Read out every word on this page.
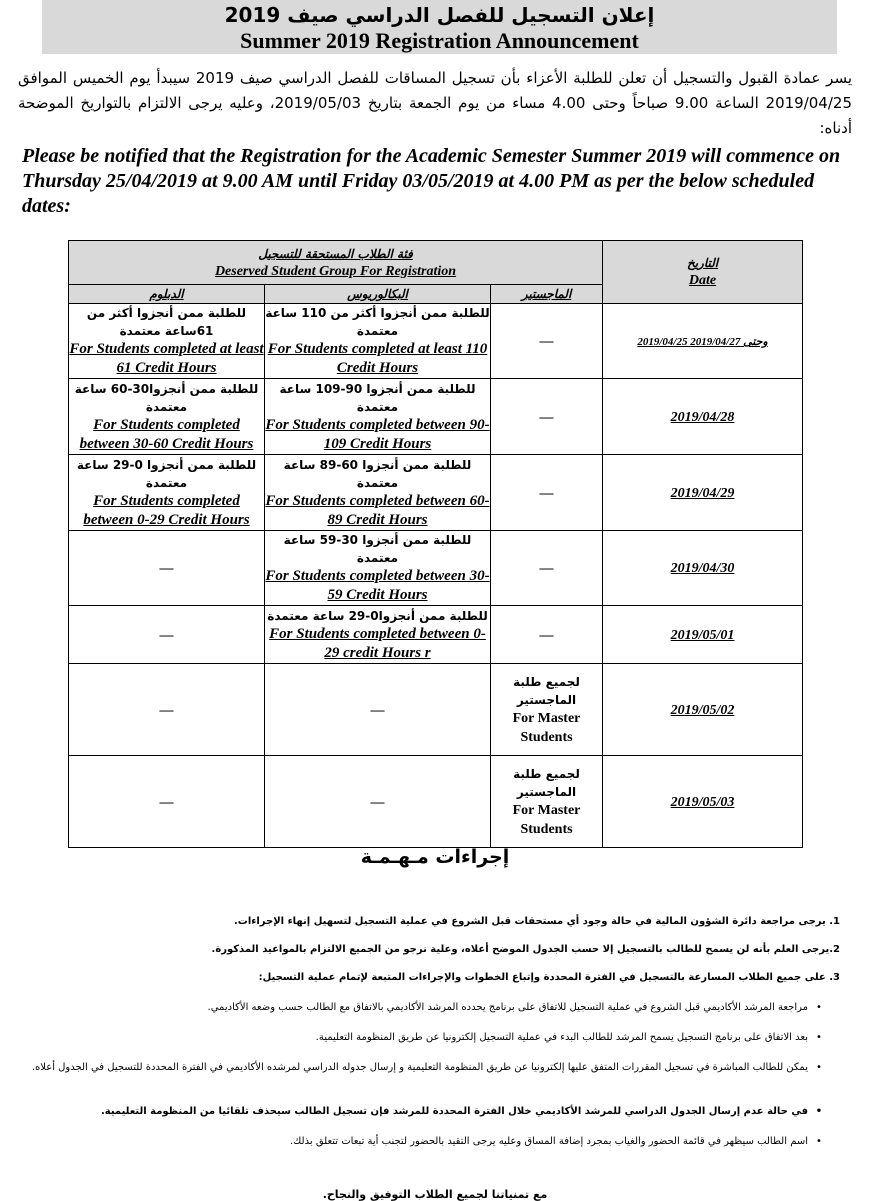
إعلان التسجيل للفصل الدراسي صيف 2019
Summer 2019 Registration Announcement
يسر عمادة القبول والتسجيل أن تعلن للطلبة الأعزاء بأن تسجيل المساقات للفصل الدراسي صيف 2019 سيبدأ يوم الخميس الموافق 2019/04/25 الساعة 9.00 صباحاً وحتى 4.00 مساء من يوم الجمعة بتاريخ 2019/05/03، وعليه يرجى الالتزام بالتواريخ الموضحة أدناه:
Please be notified that the Registration for the Academic Semester Summer 2019 will commence on Thursday 25/04/2019 at 9.00 AM until Friday 03/05/2019 at 4.00 PM as per the below scheduled dates:
فئة الطلاب المستحقة للتسجيل
Deserved Student Group For Registration			التاريخ
Date

الدبلوم	البكالوريوس	الماجستير	

للطلبة ممن أنجزوا أكثر من 61ساعة معتمدة
For Students completed at least 61 Credit Hours	للطلبة ممن أنجزوا أكثر من 110 ساعة معتمدة
For Students completed at least 110 Credit Hours	—	2019/04/25 وحتى 2019/04/27

للطلبة ممن أنجزوا30-60 ساعة معتمدة
For Students completed between 30-60 Credit Hours	للطلبة ممن أنجزوا 90-109 ساعة معتمدة
For Students completed between 90-109 Credit Hours	—	2019/04/28

للطلبة ممن أنجزوا 0-29 ساعة معتمدة
For Students completed between 0-29 Credit Hours	للطلبة ممن أنجزوا 60-89 ساعة معتمدة
For Students completed between 60-89 Credit Hours	—	2019/04/29
—	للطلبة ممن أنجزوا 30-59 ساعة معتمدة
For Students completed between 30-59 Credit Hours	—	2019/04/30
—	للطلبة ممن أنجزوا0-29 ساعة معتمدة
For Students completed between 0-29 credit Hours r	—	2019/05/01
—	—	لجميع طلبة الماجستير
For Master Students	2019/05/02
—	—	لجميع طلبة الماجستير
For Master Students	2019/05/03
إجراءات مـهـمـة
1. يرجى مراجعة دائرة الشؤون المالية في حالة وجود أي مستحقات قبل الشروع في عملية التسجيل لتسهيل إنهاء الإجراءات.
2.يرجى العلم بأنه لن يسمح للطالب بالتسجيل إلا حسب الجدول الموضح أعلاه، وعلية نرجو من الجميع الالتزام بالمواعيد المذكورة.
3. على جميع الطلاب المسارعة بالتسجيل في الفترة المحددة وإتباع الخطوات والإجراءات المتبعة لإتمام عملية التسجيل:
•مراجعة المرشد الأكاديمي قبل الشروع في عملية التسجيل للاتفاق على برنامج يحدده المرشد الأكاديمي بالاتفاق مع الطالب حسب وضعه الأكاديمي.
•بعد الاتفاق على برنامج التسجيل يسمح المرشد للطالب البدء في عملية التسجيل إلكترونيا عن طريق المنظومة التعليمية.
•يمكن للطالب المباشرة في تسجيل المقررات المتفق عليها إلكترونيا عن طريق المنظومة التعليمية و إرسال جدوله الدراسي لمرشده الأكاديمي في الفترة المحددة للتسجيل في الجدول أعلاه.
•في حالة عدم إرسال الجدول الدراسي للمرشد الأكاديمي خلال الفترة المحددة للمرشد فإن تسجيل الطالب سيحذف تلقائيا من المنظومة التعليمية.
•اسم الطالب سيظهر في قائمة الحضور والغياب بمجرد إضافة المساق وعليه يرجى التقيد بالحضور لتجنب أية تبعات تتعلق بذلك.
مع تمنياتنا لجميع الطلاب التوفيق والنجاح.
